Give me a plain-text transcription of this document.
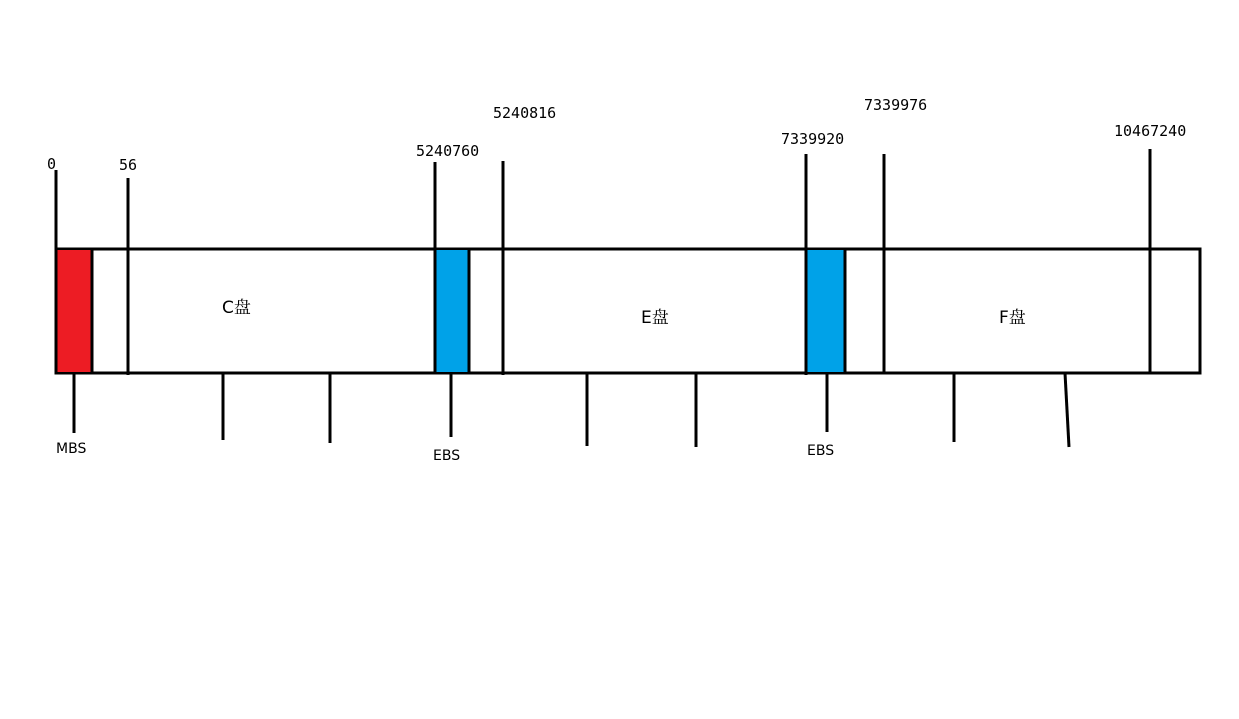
0	56
5240760
5240816
7339920
7339976
10467240
C盘	E盘	F盘
MBS	EBS	EBS
